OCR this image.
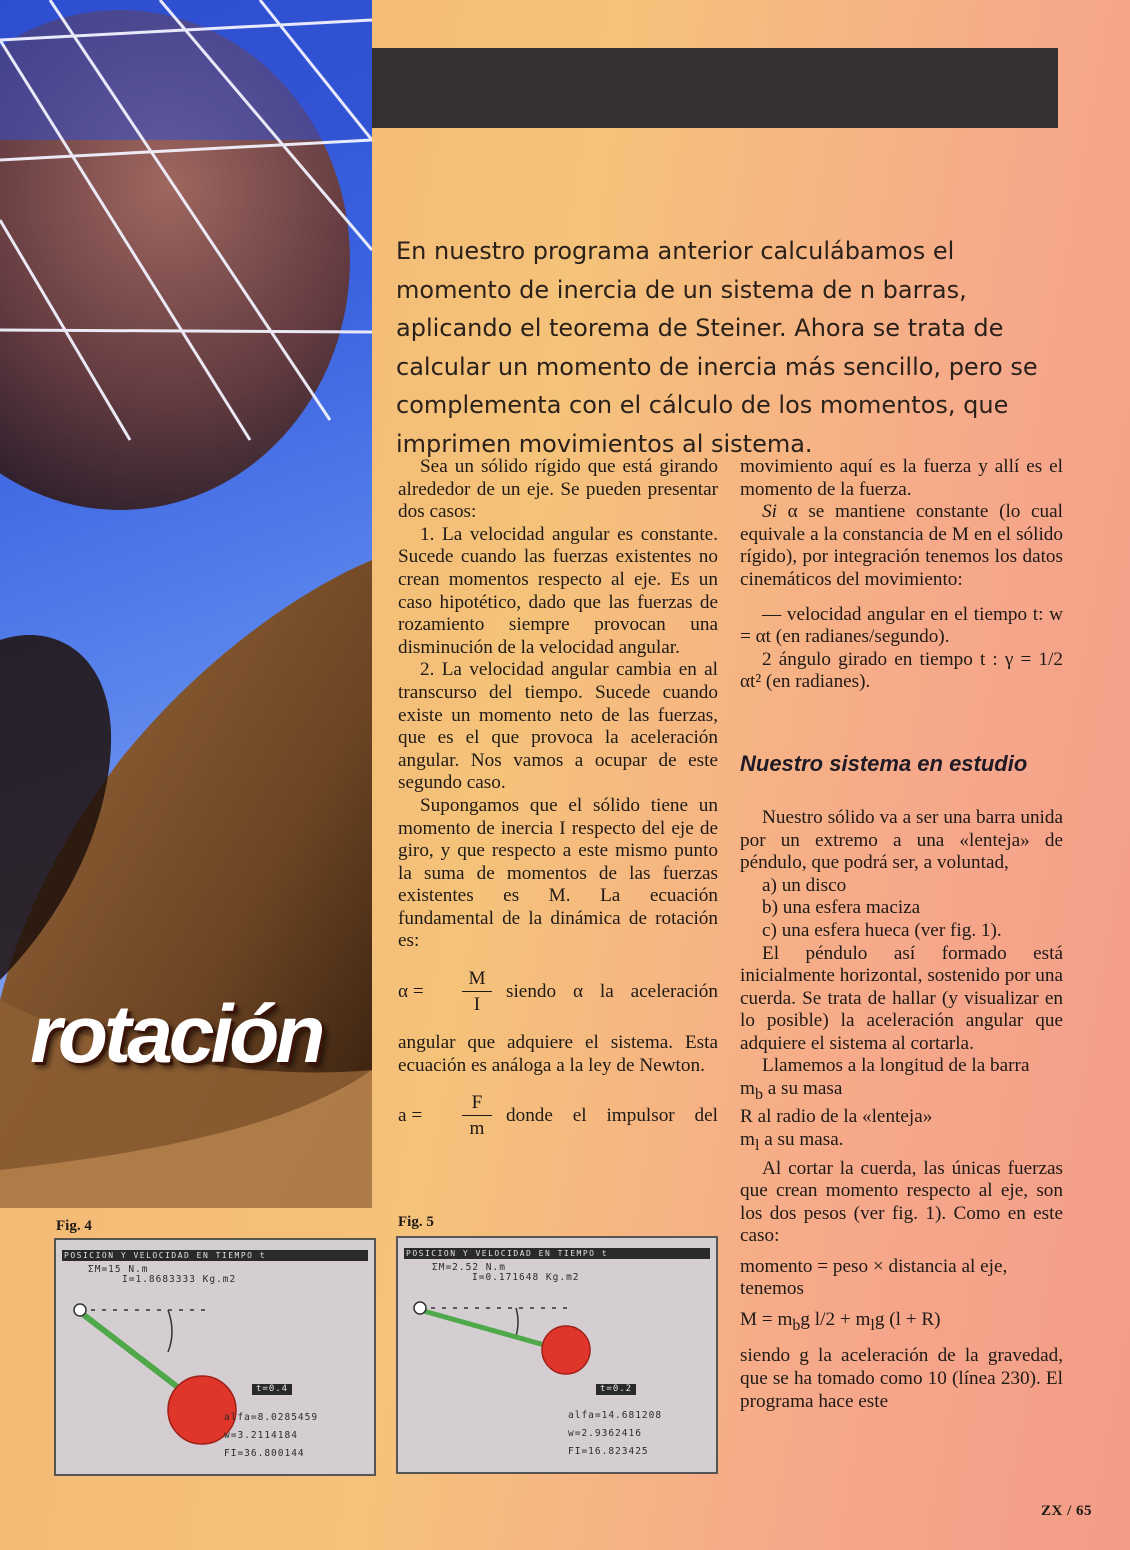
rotación
En nuestro programa anterior calculábamos el momento de inercia de un sistema de n barras, aplicando el teorema de Steiner. Ahora se trata de calcular un momento de inercia más sencillo, pero se complementa con el cálculo de los momentos, que imprimen movimientos al sistema.

Sea un sólido rígido que está girando alrededor de un eje. Se pueden presentar dos casos:

1. La velocidad angular es constante. Sucede cuando las fuerzas existentes no crean momentos respecto al eje. Es un caso hipotético, dado que las fuerzas de rozamiento siempre provocan una disminución de la velocidad angular.

2. La velocidad angular cambia en al transcurso del tiempo. Sucede cuando existe un momento neto de las fuerzas, que es el que provoca la aceleración angular. Nos vamos a ocupar de este segundo caso.

Supongamos que el sólido tiene un momento de inercia I respecto del eje de giro, y que respecto a este mismo punto la suma de momentos de las fuerzas existentes es M. La ecuación fundamental de la dinámica de rotación es:

α =	$\frac{M}{I}$ siendo α la aceleración

angular que adquiere el sistema. Esta ecuación es análoga a la ley de Newton.

a =	$\frac{F}{m}$ donde el impulsor del

movimiento aquí es la fuerza y allí es el momento de la fuerza.

Si α se mantiene constante (lo cual equivale a la constancia de M en el sólido rígido), por integración tenemos los datos cinemáticos del movimiento:

— velocidad angular en el tiempo t: w = αt (en radianes/segundo).

2 ángulo girado en tiempo t : γ = 1/2 αt² (en radianes).

Nuestro sistema en estudio

Nuestro sólido va a ser una barra unida por un extremo a una «lenteja» de péndulo, que podrá ser, a voluntad,

a) un disco

b) una esfera maciza

c) una esfera hueca (ver fig. 1).

El péndulo así formado está inicialmente horizontal, sostenido por una cuerda. Se trata de hallar (y visualizar en lo posible) la aceleración angular que adquiere el sistema al cortarla.

Llamemos a la longitud de la barra

$m_b$ a su masa

R al radio de la «lenteja»

$m_l$ a su masa.

Al cortar la cuerda, las únicas fuerzas que crean momento respecto al eje, son los dos pesos (ver fig. 1). Como en este caso:

momento = peso × distancia al eje, tenemos

$M = m_bg$ $l/2 + m_lg$ (l + R)

siendo g la aceleración de la gravedad, que se ha tomado como 10 (línea 230). El programa hace este

Fig. 4
POSICION Y VELOCIDAD EN TIEMPO t
ΣM=15 N.m
I=1.8683333 Kg.m2
t=0.4
alfa=8.0285459
w=3.2114184
FI=36.800144
Fig. 5
POSICION Y VELOCIDAD EN TIEMPO t
ΣM=2.52 N.m
I=0.171648 Kg.m2
t=0.2
alfa=14.681208
w=2.9362416
FI=16.823425
ZX / 65
